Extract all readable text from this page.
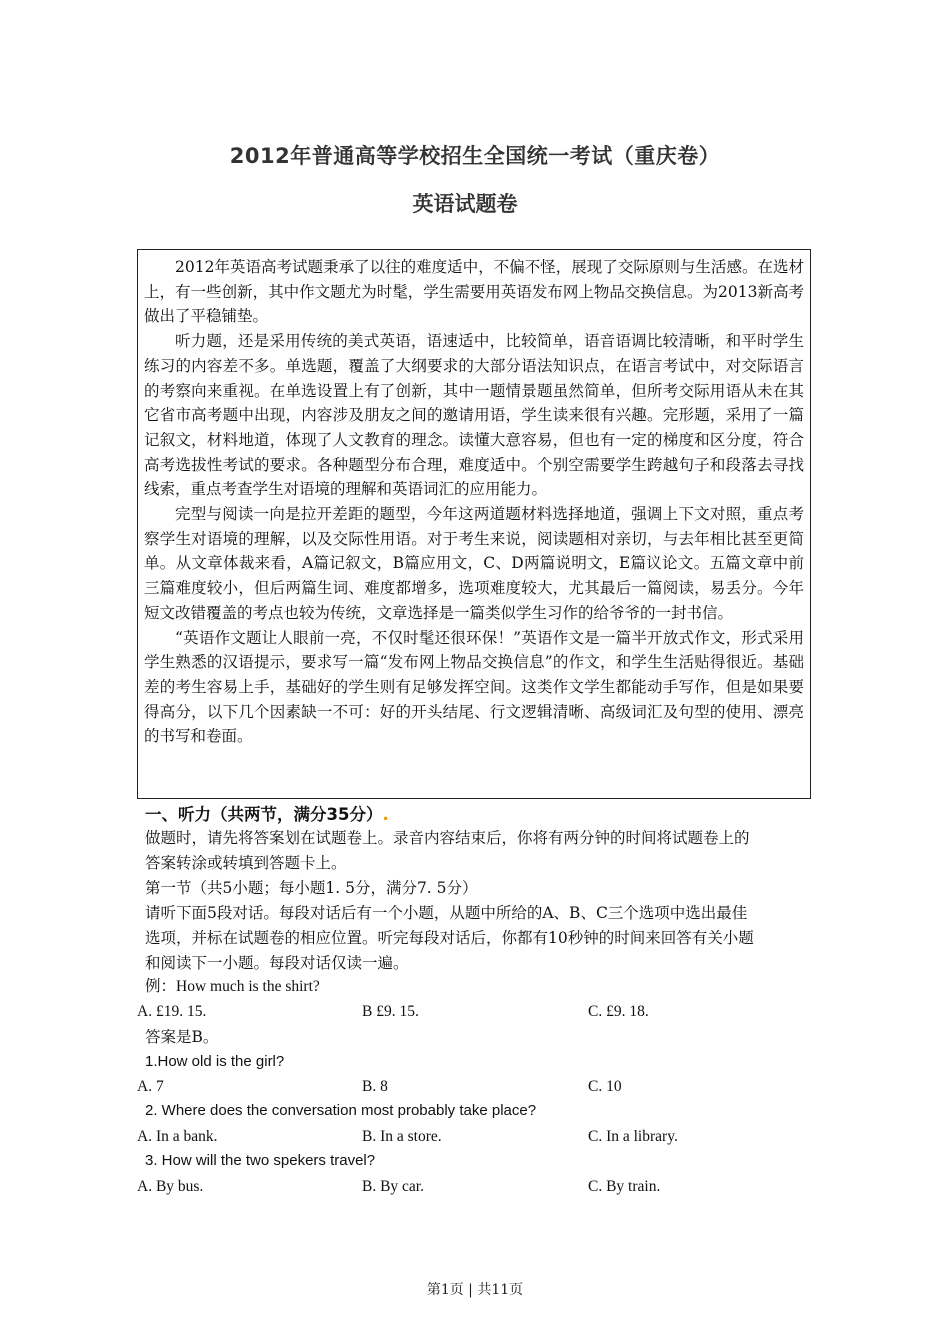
2012年普通高等学校招生全国统一考试（重庆卷）
英语试题卷

2012年英语高考试题秉承了以往的难度适中，不偏不怪，展现了交际原则与生活感。在选材上，有一些创新，其中作文题尤为时髦，学生需要用英语发布网上物品交换信息。为2013新高考做出了平稳铺垫。

听力题，还是采用传统的美式英语，语速适中，比较简单，语音语调比较清晰，和平时学生练习的内容差不多。单选题，覆盖了大纲要求的大部分语法知识点，在语言考试中，对交际语言的考察向来重视。在单选设置上有了创新，其中一题情景题虽然简单，但所考交际用语从未在其它省市高考题中出现，内容涉及朋友之间的邀请用语，学生读来很有兴趣。完形题，采用了一篇记叙文，材料地道，体现了人文教育的理念。读懂大意容易，但也有一定的梯度和区分度，符合高考选拔性考试的要求。各种题型分布合理，难度适中。个别空需要学生跨越句子和段落去寻找线索，重点考查学生对语境的理解和英语词汇的应用能力。

完型与阅读一向是拉开差距的题型，今年这两道题材料选择地道，强调上下文对照，重点考察学生对语境的理解，以及交际性用语。对于考生来说，阅读题相对亲切，与去年相比甚至更简单。从文章体裁来看，A篇记叙文，B篇应用文，C、D两篇说明文，E篇议论文。五篇文章中前三篇难度较小，但后两篇生词、难度都增多，选项难度较大，尤其最后一篇阅读，易丢分。今年短文改错覆盖的考点也较为传统，文章选择是一篇类似学生习作的给爷爷的一封书信。

“英语作文题让人眼前一亮，不仅时髦还很环保！”英语作文是一篇半开放式作文，形式采用学生熟悉的汉语提示，要求写一篇“发布网上物品交换信息”的作文，和学生生活贴得很近。基础差的考生容易上手，基础好的学生则有足够发挥空间。这类作文学生都能动手写作，但是如果要得高分，以下几个因素缺一不可：好的开头结尾、行文逻辑清晰、高级词汇及句型的使用、漂亮的书写和卷面。

一、听力（共两节，满分35分）.
做题时，请先将答案划在试题卷上。录音内容结束后，你将有两分钟的时间将试题卷上的
答案转涂或转填到答题卡上。
第一节（共5小题；每小题1. 5分，满分7. 5分）
请听下面5段对话。每段对话后有一个小题，从题中所给的A、B、C三个选项中选出最佳
选项，并标在试题卷的相应位置。听完每段对话后，你都有10秒钟的时间来回答有关小题
和阅读下一小题。每段对话仅读一遍。
例：How much is the shirt?
A. £19. 15.	B £9. 15.	C. £9. 18.
答案是B。
1.How old is the girl?
A. 7	B. 8	C. 10
2. Where does the conversation most probably take place?
A. In a bank.	B. In a store.	C. In a library.
3. How will the two spekers travel?
A. By bus.	B. By car.	C. By train.
第1页 | 共11页
